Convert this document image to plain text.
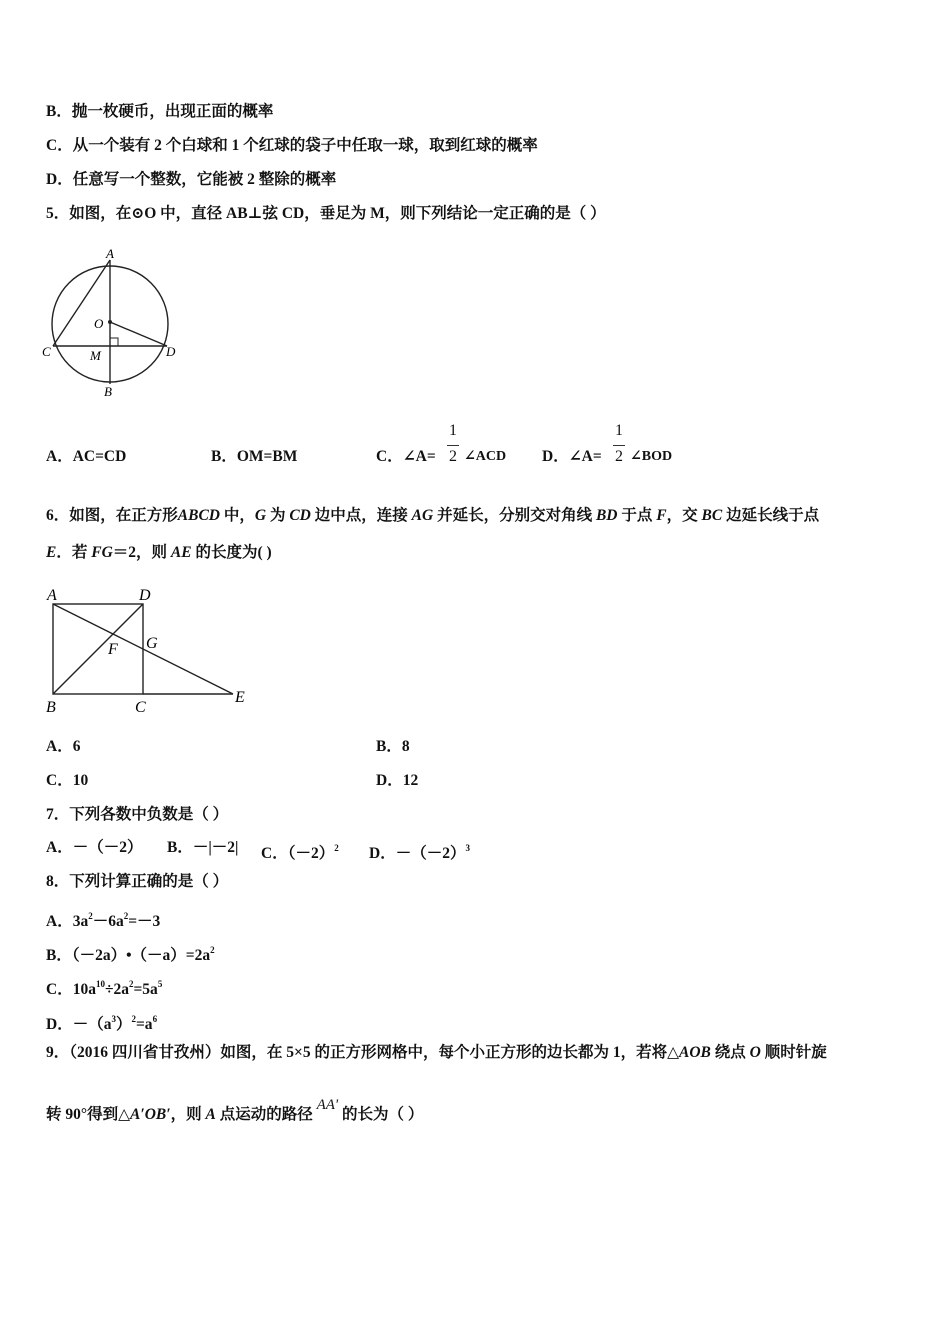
B．抛一枚硬币，出现正面的概率
C．从一个装有 2 个白球和 1 个红球的袋子中任取一球，取到红球的概率
D．任意写一个整数，它能被 2 整除的概率
5．如图，在⊙O 中，直径 AB⊥弦 CD，垂足为 M，则下列结论一定正确的是（ ）
A
O
C	M	D
B
A．AC=CD	B．OM=BM	C．∠A=
1
2 ∠ACD D．∠A=
1
2 ∠BOD
6．如图，在正方形ABCD 中，G 为 CD 边中点，连接 AG 并延长，分别交对角线 BD 于点 F，交 BC 边延长线于点
E．若 FG＝2，则 AE 的长度为( )
A	D
G
F
B	C
E
A．6	B．8
C．10	D．12
7．下列各数中负数是（ ）
A．－（－2） B．－|－2| C．$(-2)^2$ D．$-(-2)^3$
8．下列计算正确的是（ ）
A．$3a^2-6a^2=-3$
B．$(-2a)•(-a)=2a^2$
C．$10a^{10}\div 2a^2=5a^5$
D．$-(a^3)^2=a^6$
9．（2016 四川省甘孜州）如图，在 5×5 的正方形网格中，每个小正方形的边长都为 1，若将△AOB 绕点 O 顺时针旋
转 90°得到△A′OB′，则 A 点运动的路径 AA' 的长为（ ）
